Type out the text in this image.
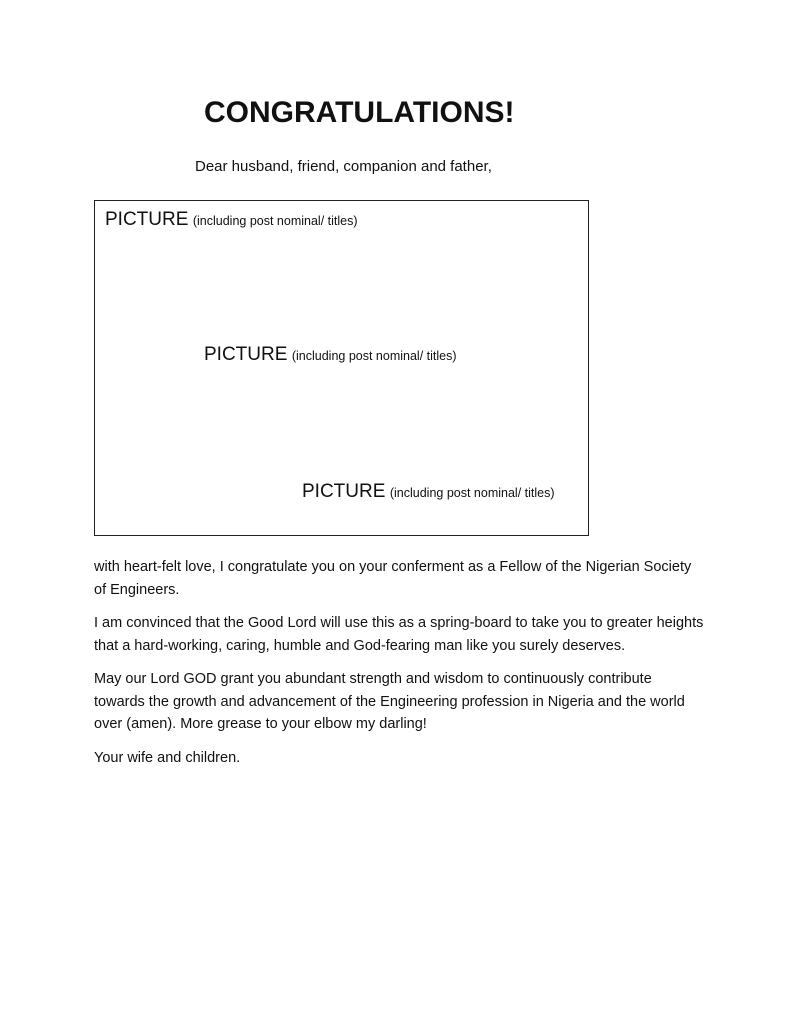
CONGRATULATIONS!

Dear husband, friend, companion and father,

PICTURE (including post nominal/ titles)

PICTURE (including post nominal/ titles)

PICTURE (including post nominal/ titles)

with heart-felt love, I congratulate you on your conferment as a Fellow of the Nigerian Society of Engineers.

I am convinced that the Good Lord will use this as a spring-board to take you to greater heights that a hard-working, caring, humble and God-fearing man like you surely deserves.

May our Lord GOD grant you abundant strength and wisdom to continuously contribute towards the growth and advancement of the Engineering profession in Nigeria and the world over (amen). More grease to your elbow my darling!

Your wife and children.
